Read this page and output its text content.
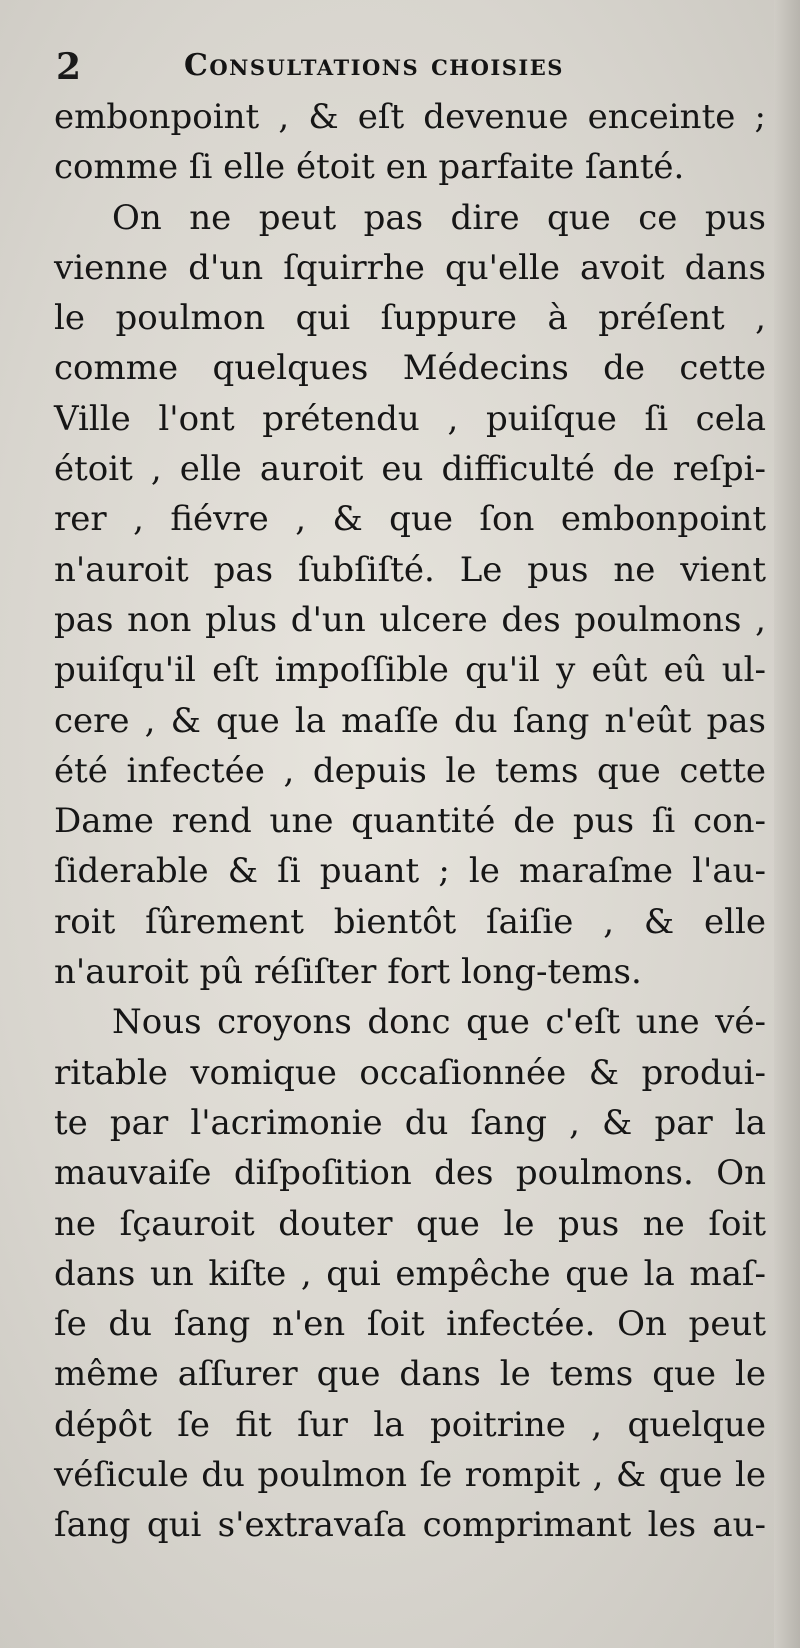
2	Consultations choisies
embonpoint , & eſt devenue enceinte ;
comme ſi elle étoit en parfaite ſanté.
On ne peut pas dire que ce pus
vienne d'un ſquirrhe qu'elle avoit dans
le poulmon qui ſuppure à préſent ,
comme quelques Médecins de cette
Ville l'ont prétendu , puiſque ſi cela
étoit , elle auroit eu difficulté de reſpi-
rer , fiévre , & que ſon embonpoint
n'auroit pas ſubſiſté. Le pus ne vient
pas non plus d'un ulcere des poulmons ,
puiſqu'il eſt impoſſible qu'il y eût eû ul-
cere , & que la maſſe du ſang n'eût pas
été infectée , depuis le tems que cette
Dame rend une quantité de pus ſi con-
ſiderable & ſi puant ; le maraſme l'au-
roit ſûrement bientôt ſaiſie , & elle
n'auroit pû réſiſter fort long-tems.
Nous croyons donc que c'eſt une vé-
ritable vomique occaſionnée & produi-
te par l'acrimonie du ſang , & par la
mauvaiſe diſpoſition des poulmons. On
ne ſçauroit douter que le pus ne ſoit
dans un kiſte , qui empêche que la maſ-
ſe du ſang n'en ſoit infectée. On peut
même aſſurer que dans le tems que le
dépôt ſe fit ſur la poitrine , quelque
véſicule du poulmon ſe rompit , & que le
ſang qui s'extravaſa comprimant les au-
